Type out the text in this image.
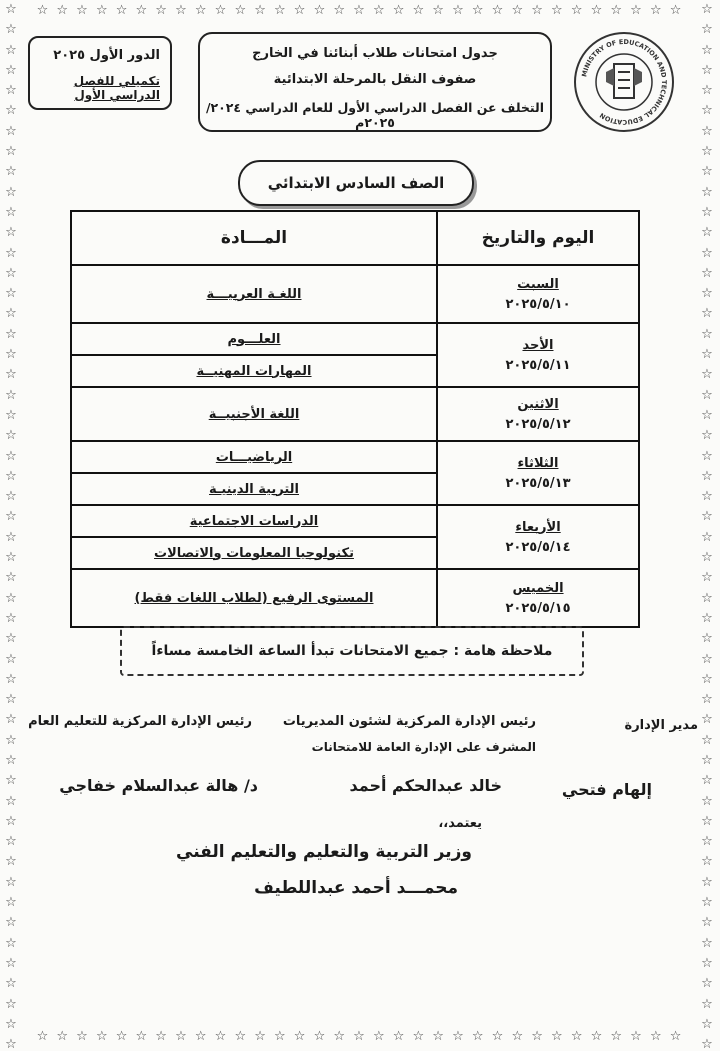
☆ ☆ ☆ ☆ ☆ ☆ ☆ ☆ ☆ ☆ ☆ ☆ ☆ ☆ ☆ ☆ ☆ ☆ ☆ ☆ ☆ ☆ ☆ ☆ ☆ ☆ ☆ ☆ ☆ ☆ ☆ ☆ ☆
☆ ☆ ☆ ☆ ☆ ☆ ☆ ☆ ☆ ☆ ☆ ☆ ☆ ☆ ☆ ☆ ☆ ☆ ☆ ☆ ☆ ☆ ☆ ☆ ☆ ☆ ☆ ☆ ☆ ☆ ☆ ☆ ☆
☆☆☆☆☆☆☆☆☆☆☆☆☆☆☆☆☆☆☆☆☆☆☆☆☆☆☆☆☆☆☆☆☆☆☆☆☆☆☆☆☆☆☆☆☆☆☆☆☆☆☆☆
☆☆☆☆☆☆☆☆☆☆☆☆☆☆☆☆☆☆☆☆☆☆☆☆☆☆☆☆☆☆☆☆☆☆☆☆☆☆☆☆☆☆☆☆☆☆☆☆☆☆☆☆
الدور الأول ٢٠٢٥
تكميلي للفصل الدراسي الأول
جدول امتحانات طلاب أبنائنا في الخارج
صفوف النقل بالمرحلة الابتدائية
التخلف عن الفصل الدراسي الأول للعام الدراسي ٢٠٢٤/ ٢٠٢٥م
MINISTRY OF EDUCATION AND TECHNICAL EDUCATION
الصف السادس الابتدائي
اليوم والتاريخ	المـــادة

السبت
٢٠٢٥/٥/١٠	اللغـة العربيـــة

الأحد
٢٠٢٥/٥/١١	العلـــوم
	المهارات المهنيــة

الاثنين
٢٠٢٥/٥/١٢	اللغة الأجنبيــة

الثلاثاء
٢٠٢٥/٥/١٣	الرياضيـــات
	التربية الدينيـة

الأربعاء
٢٠٢٥/٥/١٤	الدراسات الاجتماعية
	تكنولوجيا المعلومات والاتصالات

الخميس
٢٠٢٥/٥/١٥	المستوى الرفيع (لطلاب اللغات فقط)
ملاحظة هامة : جميع الامتحانات تبدأ الساعة الخامسة مساءاً
مدير الإدارة
رئيس الإدارة المركزية لشئون المديريات
المشرف على الإدارة العامة للامتحانات
رئيس الإدارة المركزية للتعليم العام
إلهام فتحي
خالد عبدالحكم أحمد
د/ هالة عبدالسلام خفاجي
يعتمد،،
وزير التربية والتعليم والتعليم الفني
محمـــد أحمد عبداللطيف
